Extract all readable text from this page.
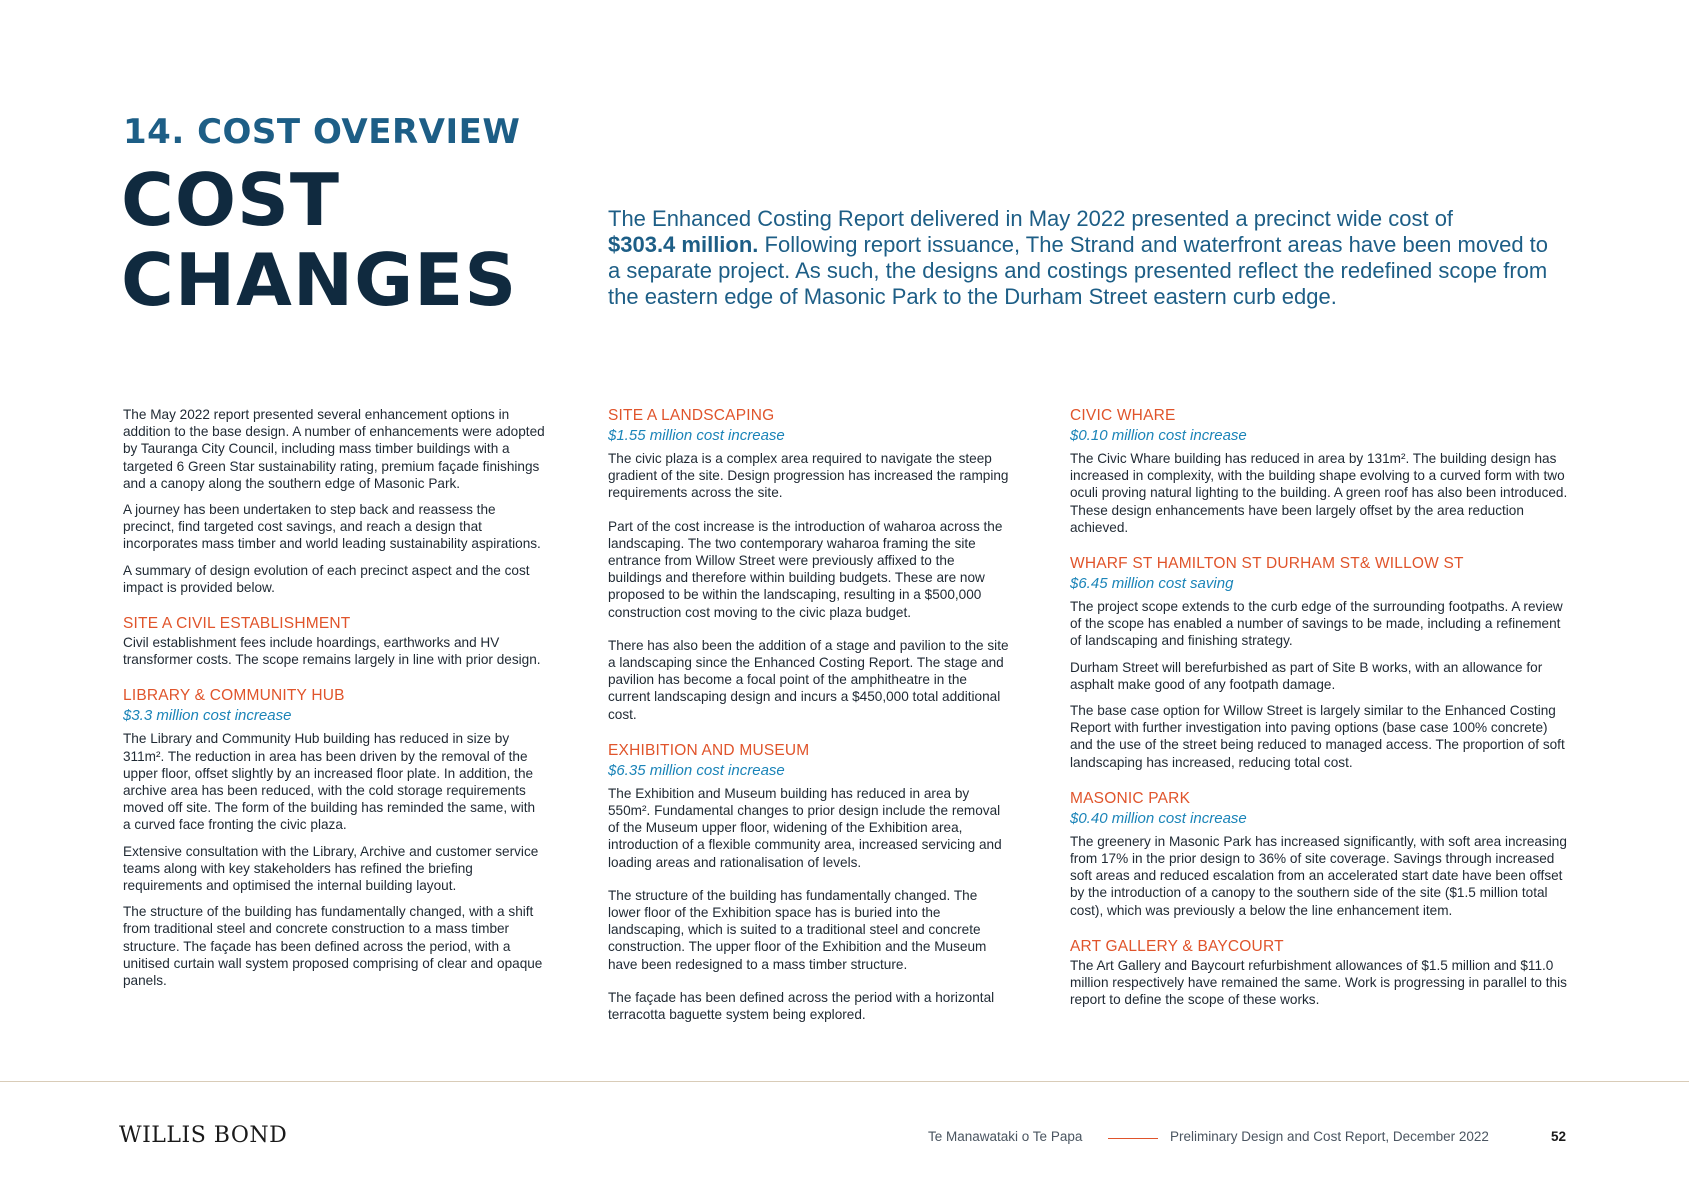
14. COST OVERVIEW
COST
CHANGES

The Enhanced Costing Report delivered in May 2022 presented a precinct wide cost of
$303.4 million. Following report issuance, The Strand and waterfront areas have been moved to a separate project. As such, the designs and costings presented reflect the redefined scope from the eastern edge of Masonic Park to the Durham Street eastern curb edge.

The May 2022 report presented several enhancement options in addition to the base design. A number of enhancements were adopted by Tauranga City Council, including mass timber buildings with a targeted 6 Green Star sustainability rating, premium façade finishings and a canopy along the southern edge of Masonic Park.

A journey has been undertaken to step back and reassess the precinct, find targeted cost savings, and reach a design that incorporates mass timber and world leading sustainability aspirations.

A summary of design evolution of each precinct aspect and the cost impact is provided below.

SITE A CIVIL ESTABLISHMENT

Civil establishment fees include hoardings, earthworks and HV transformer costs. The scope remains largely in line with prior design.

LIBRARY & COMMUNITY HUB
$3.3 million cost increase

The Library and Community Hub building has reduced in size by 311m². The reduction in area has been driven by the removal of the upper floor, offset slightly by an increased floor plate. In addition, the archive area has been reduced, with the cold storage requirements moved off site. The form of the building has reminded the same, with a curved face fronting the civic plaza.

Extensive consultation with the Library, Archive and customer service teams along with key stakeholders has refined the briefing requirements and optimised the internal building layout.

The structure of the building has fundamentally changed, with a shift from traditional steel and concrete construction to a mass timber structure. The façade has been defined across the period, with a unitised curtain wall system proposed comprising of clear and opaque panels.

SITE A LANDSCAPING
$1.55 million cost increase

The civic plaza is a complex area required to navigate the steep gradient of the site. Design progression has increased the ramping requirements across the site.

Part of the cost increase is the introduction of waharoa across the landscaping. The two contemporary waharoa framing the site entrance from Willow Street were previously affixed to the buildings and therefore within building budgets. These are now proposed to be within the landscaping, resulting in a $500,000 construction cost moving to the civic plaza budget.

There has also been the addition of a stage and pavilion to the site a landscaping since the Enhanced Costing Report. The stage and pavilion has become a focal point of the amphitheatre in the current landscaping design and incurs a $450,000 total additional cost.

EXHIBITION AND MUSEUM
$6.35 million cost increase

The Exhibition and Museum building has reduced in area by 550m². Fundamental changes to prior design include the removal of the Museum upper floor, widening of the Exhibition area, introduction of a flexible community area, increased servicing and loading areas and rationalisation of levels.

The structure of the building has fundamentally changed. The lower floor of the Exhibition space has is buried into the landscaping, which is suited to a traditional steel and concrete construction. The upper floor of the Exhibition and the Museum have been redesigned to a mass timber structure.

The façade has been defined across the period with a horizontal terracotta baguette system being explored.

CIVIC WHARE
$0.10 million cost increase

The Civic Whare building has reduced in area by 131m². The building design has increased in complexity, with the building shape evolving to a curved form with two oculi proving natural lighting to the building. A green roof has also been introduced. These design enhancements have been largely offset by the area reduction achieved.

WHARF ST HAMILTON ST DURHAM ST& WILLOW ST
$6.45 million cost saving

The project scope extends to the curb edge of the surrounding footpaths. A review of the scope has enabled a number of savings to be made, including a refinement of landscaping and finishing strategy.

Durham Street will berefurbished as part of Site B works, with an allowance for asphalt make good of any footpath damage.

The base case option for Willow Street is largely similar to the Enhanced Costing Report with further investigation into paving options (base case 100% concrete) and the use of the street being reduced to managed access. The proportion of soft landscaping has increased, reducing total cost.

MASONIC PARK
$0.40 million cost increase

The greenery in Masonic Park has increased significantly, with soft area increasing from 17% in the prior design to 36% of site coverage. Savings through increased soft areas and reduced escalation from an accelerated start date have been offset by the introduction of a canopy to the southern side of the site ($1.5 million total cost), which was previously a below the line enhancement item.

ART GALLERY & BAYCOURT

The Art Gallery and Baycourt refurbishment allowances of $1.5 million and $11.0 million respectively have remained the same. Work is progressing in parallel to this report to define the scope of these works.

WILLIS BOND	Te Manawataki o Te Papa	Preliminary Design and Cost Report, December 2022	52
